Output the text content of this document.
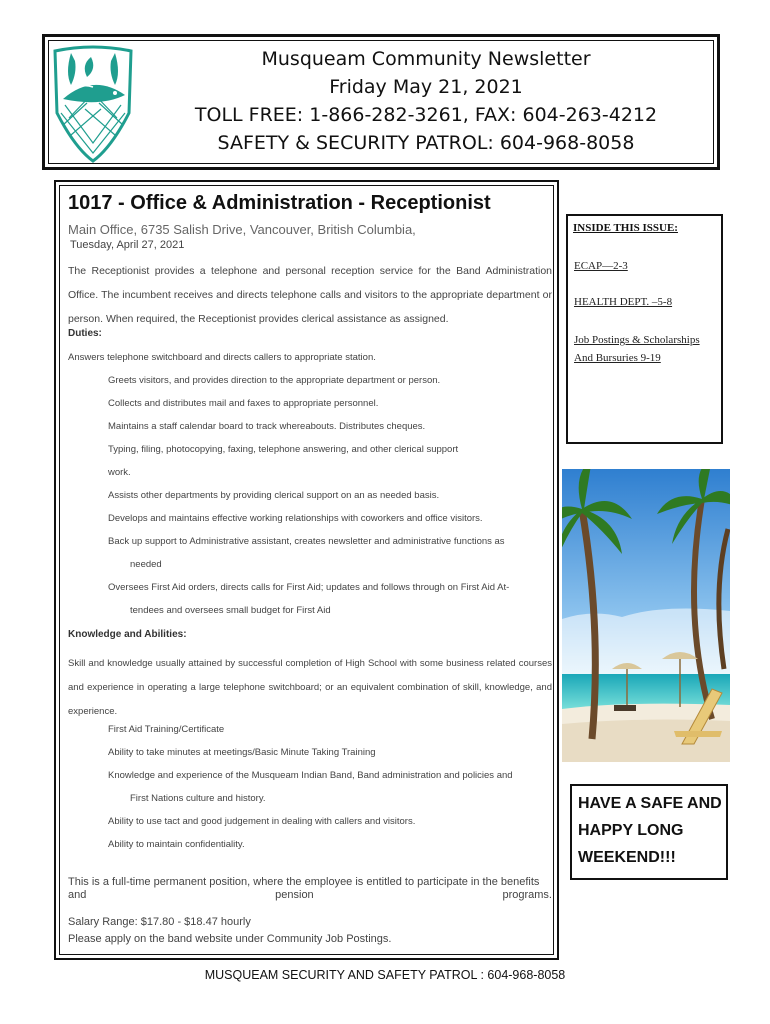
Musqueam Community Newsletter
Friday May 21, 2021
TOLL FREE: 1-866-282-3261, FAX: 604-263-4212
SAFETY & SECURITY PATROL: 604-968-8058
1017 - Office & Administration - Receptionist
Main Office, 6735 Salish Drive, Vancouver, British Columbia,
Tuesday, April 27, 2021
The Receptionist provides a telephone and personal reception service for the Band Administration Office. The incumbent receives and directs telephone calls and visitors to the appropriate department or person. When required, the Receptionist provides clerical assistance as assigned.
Duties:
Answers telephone switchboard and directs callers to appropriate station.
Greets visitors, and provides direction to the appropriate department or person.
Collects and distributes mail and faxes to appropriate personnel.
Maintains a staff calendar board to track whereabouts. Distributes cheques.
Typing, filing, photocopying, faxing, telephone answering, and other clerical support
work.
Assists other departments by providing clerical support on an as needed basis.
Develops and maintains effective working relationships with coworkers and office visitors.
Back up support to Administrative assistant, creates newsletter and administrative functions as
needed
Oversees First Aid orders, directs calls for First Aid; updates and follows through on First Aid At-
tendees and oversees small budget for First Aid
Knowledge and Abilities:
Skill and knowledge usually attained by successful completion of High School with some business related courses and experience in operating a large telephone switchboard; or an equivalent combination of skill, knowledge, and experience.
First Aid Training/Certificate
Ability to take minutes at meetings/Basic Minute Taking Training
Knowledge and experience of the Musqueam Indian Band, Band administration and policies and
First Nations culture and history.
Ability to use tact and good judgement in dealing with callers and visitors.
Ability to maintain confidentiality.
This is a full-time permanent position, where the employee is entitled to participate in the benefits
and	pension	programs.
Salary Range: $17.80 - $18.47 hourly
Please apply on the band website under Community Job Postings.
INSIDE THIS ISSUE:
ECAP—2-3
HEALTH DEPT. –5-8
Job Postings & Scholarships
And Bursuries 9-19
HAVE A SAFE AND
HAPPY LONG
WEEKEND!!!
MUSQUEAM SECURITY AND SAFETY PATROL : 604-968-8058
